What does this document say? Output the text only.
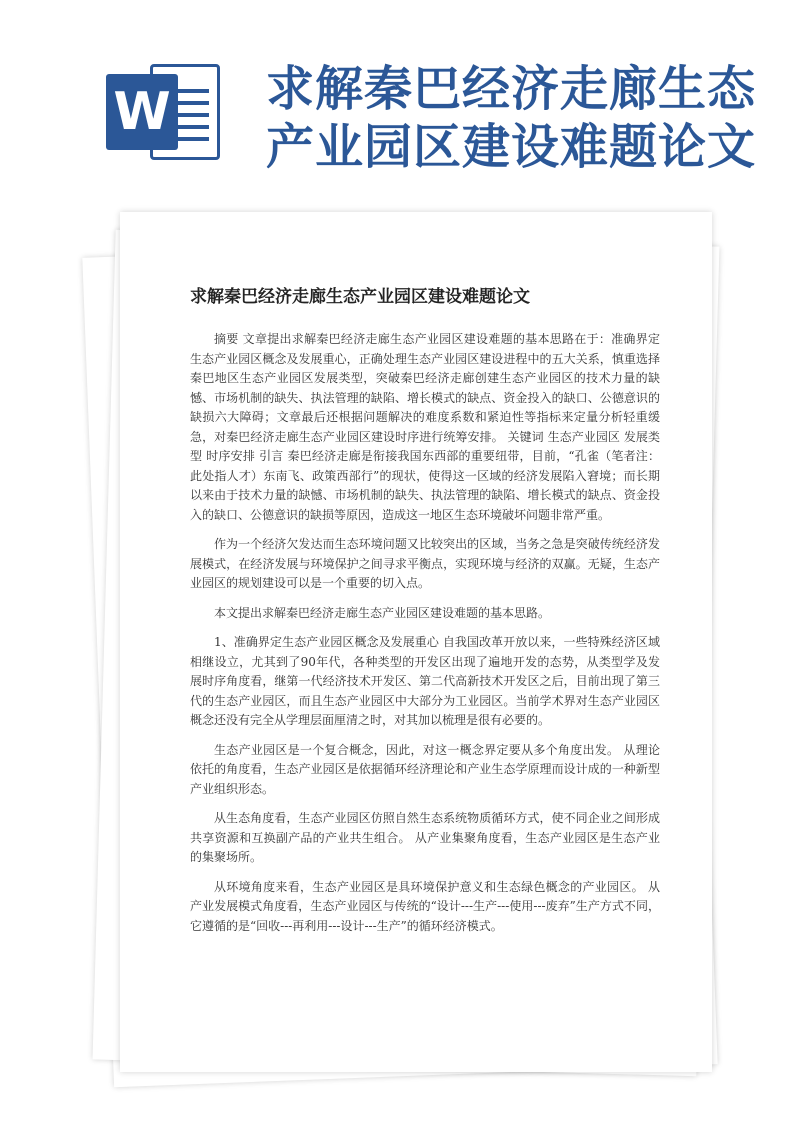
W 求解秦巴经济走廊生态产业园区建设难题论文
求解秦巴经济走廊生态产业园区建设难题论文

摘要 文章提出求解秦巴经济走廊生态产业园区建设难题的基本思路在于：准确界定生态产业园区概念及发展重心，正确处理生态产业园区建设进程中的五大关系，慎重选择秦巴地区生态产业园区发展类型，突破秦巴经济走廊创建生态产业园区的技术力量的缺憾、市场机制的缺失、执法管理的缺陷、增长模式的缺点、资金投入的缺口、公德意识的缺损六大障碍；文章最后还根据问题解决的难度系数和紧迫性等指标来定量分析轻重缓急，对秦巴经济走廊生态产业园区建设时序进行统筹安排。 关键词 生态产业园区 发展类型 时序安排 引言 秦巴经济走廊是衔接我国东西部的重要纽带，目前，“孔雀（笔者注：此处指人才）东南飞、政策西部行”的现状，使得这一区域的经济发展陷入窘境；而长期以来由于技术力量的缺憾、市场机制的缺失、执法管理的缺陷、增长模式的缺点、资金投入的缺口、公德意识的缺损等原因，造成这一地区生态环境破坏问题非常严重。

作为一个经济欠发达而生态环境问题又比较突出的区域，当务之急是突破传统经济发展模式，在经济发展与环境保护之间寻求平衡点，实现环境与经济的双赢。无疑，生态产业园区的规划建设可以是一个重要的切入点。

本文提出求解秦巴经济走廊生态产业园区建设难题的基本思路。

1、准确界定生态产业园区概念及发展重心 自我国改革开放以来，一些特殊经济区域相继设立，尤其到了90年代，各种类型的开发区出现了遍地开发的态势，从类型学及发展时序角度看，继第一代经济技术开发区、第二代高新技术开发区之后，目前出现了第三代的生态产业园区，而且生态产业园区中大部分为工业园区。当前学术界对生态产业园区概念还没有完全从学理层面厘清之时，对其加以梳理是很有必要的。

生态产业园区是一个复合概念，因此，对这一概念界定要从多个角度出发。 从理论依托的角度看，生态产业园区是依据循环经济理论和产业生态学原理而设计成的一种新型产业组织形态。

从生态角度看，生态产业园区仿照自然生态系统物质循环方式，使不同企业之间形成共享资源和互换副产品的产业共生组合。 从产业集聚角度看，生态产业园区是生态产业的集聚场所。

从环境角度来看，生态产业园区是具环境保护意义和生态绿色概念的产业园区。 从产业发展模式角度看，生态产业园区与传统的“设计---生产---使用---废弃”生产方式不同，它遵循的是“回收---再利用---设计---生产”的循环经济模式。
